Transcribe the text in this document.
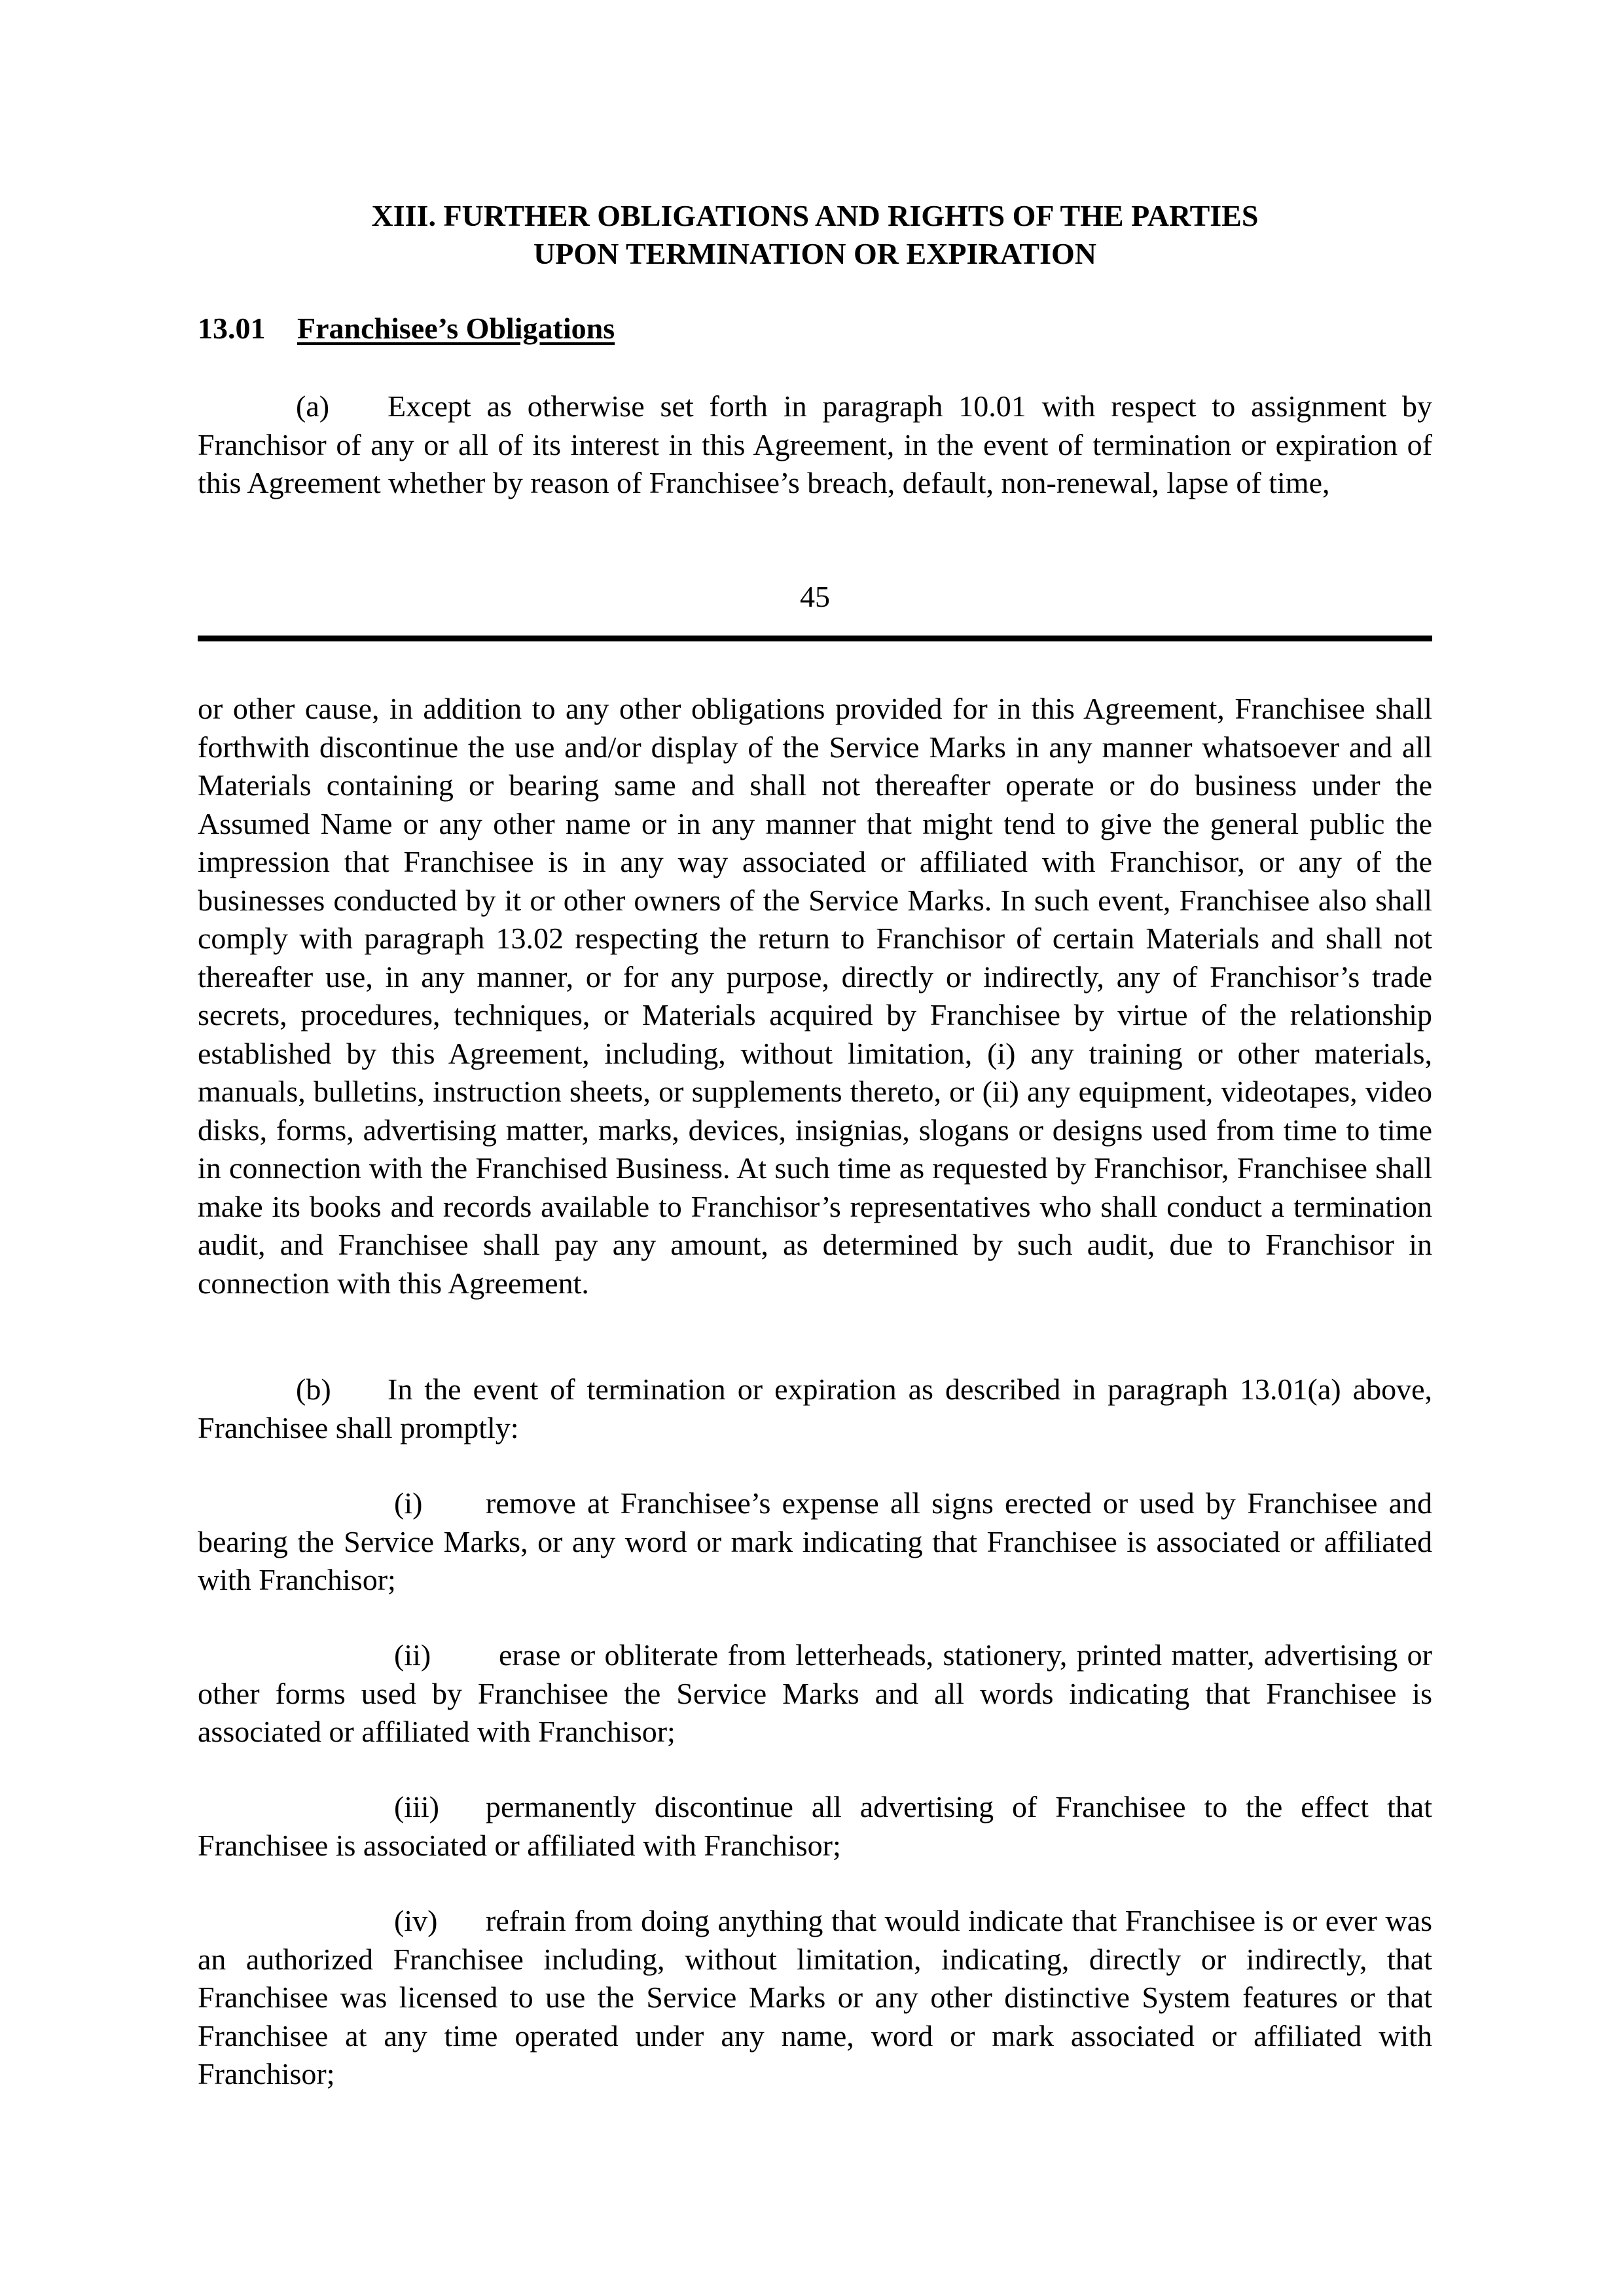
XIII. FURTHER OBLIGATIONS AND RIGHTS OF THE PARTIES
UPON TERMINATION OR EXPIRATION
13.01 Franchisee’s Obligations

(a) Except as otherwise set forth in paragraph 10.01 with respect to assignment by Franchisor of any or all of its interest in this Agreement, in the event of termination or expiration of this Agreement whether by reason of Franchisee’s breach, default, non-renewal, lapse of time,

45

or other cause, in addition to any other obligations provided for in this Agreement, Franchisee shall forthwith discontinue the use and/or display of the Service Marks in any manner whatsoever and all Materials containing or bearing same and shall not thereafter operate or do business under the Assumed Name or any other name or in any manner that might tend to give the general public the impression that Franchisee is in any way associated or affiliated with Franchisor, or any of the businesses conducted by it or other owners of the Service Marks. In such event, Franchisee also shall comply with paragraph 13.02 respecting the return to Franchisor of certain Materials and shall not thereafter use, in any manner, or for any purpose, directly or indirectly, any of Franchisor’s trade secrets, procedures, techniques, or Materials acquired by Franchisee by virtue of the relationship established by this Agreement, including, without limitation, (i) any training or other materials, manuals, bulletins, instruction sheets, or supplements thereto, or (ii) any equipment, videotapes, video disks, forms, advertising matter, marks, devices, insignias, slogans or designs used from time to time in connection with the Franchised Business. At such time as requested by Franchisor, Franchisee shall make its books and records available to Franchisor’s representatives who shall conduct a termination audit, and Franchisee shall pay any amount, as determined by such audit, due to Franchisor in connection with this Agreement.

(b) In the event of termination or expiration as described in paragraph 13.01(a) above, Franchisee shall promptly:

(i) remove at Franchisee’s expense all signs erected or used by Franchisee and bearing the Service Marks, or any word or mark indicating that Franchisee is associated or affiliated with Franchisor;

(ii) erase or obliterate from letterheads, stationery, printed matter, advertising or other forms used by Franchisee the Service Marks and all words indicating that Franchisee is associated or affiliated with Franchisor;

(iii) permanently discontinue all advertising of Franchisee to the effect that Franchisee is associated or affiliated with Franchisor;

(iv) refrain from doing anything that would indicate that Franchisee is or ever was an authorized Franchisee including, without limitation, indicating, directly or indirectly, that Franchisee was licensed to use the Service Marks or any other distinctive System features or that Franchisee at any time operated under any name, word or mark associated or affiliated with Franchisor;
